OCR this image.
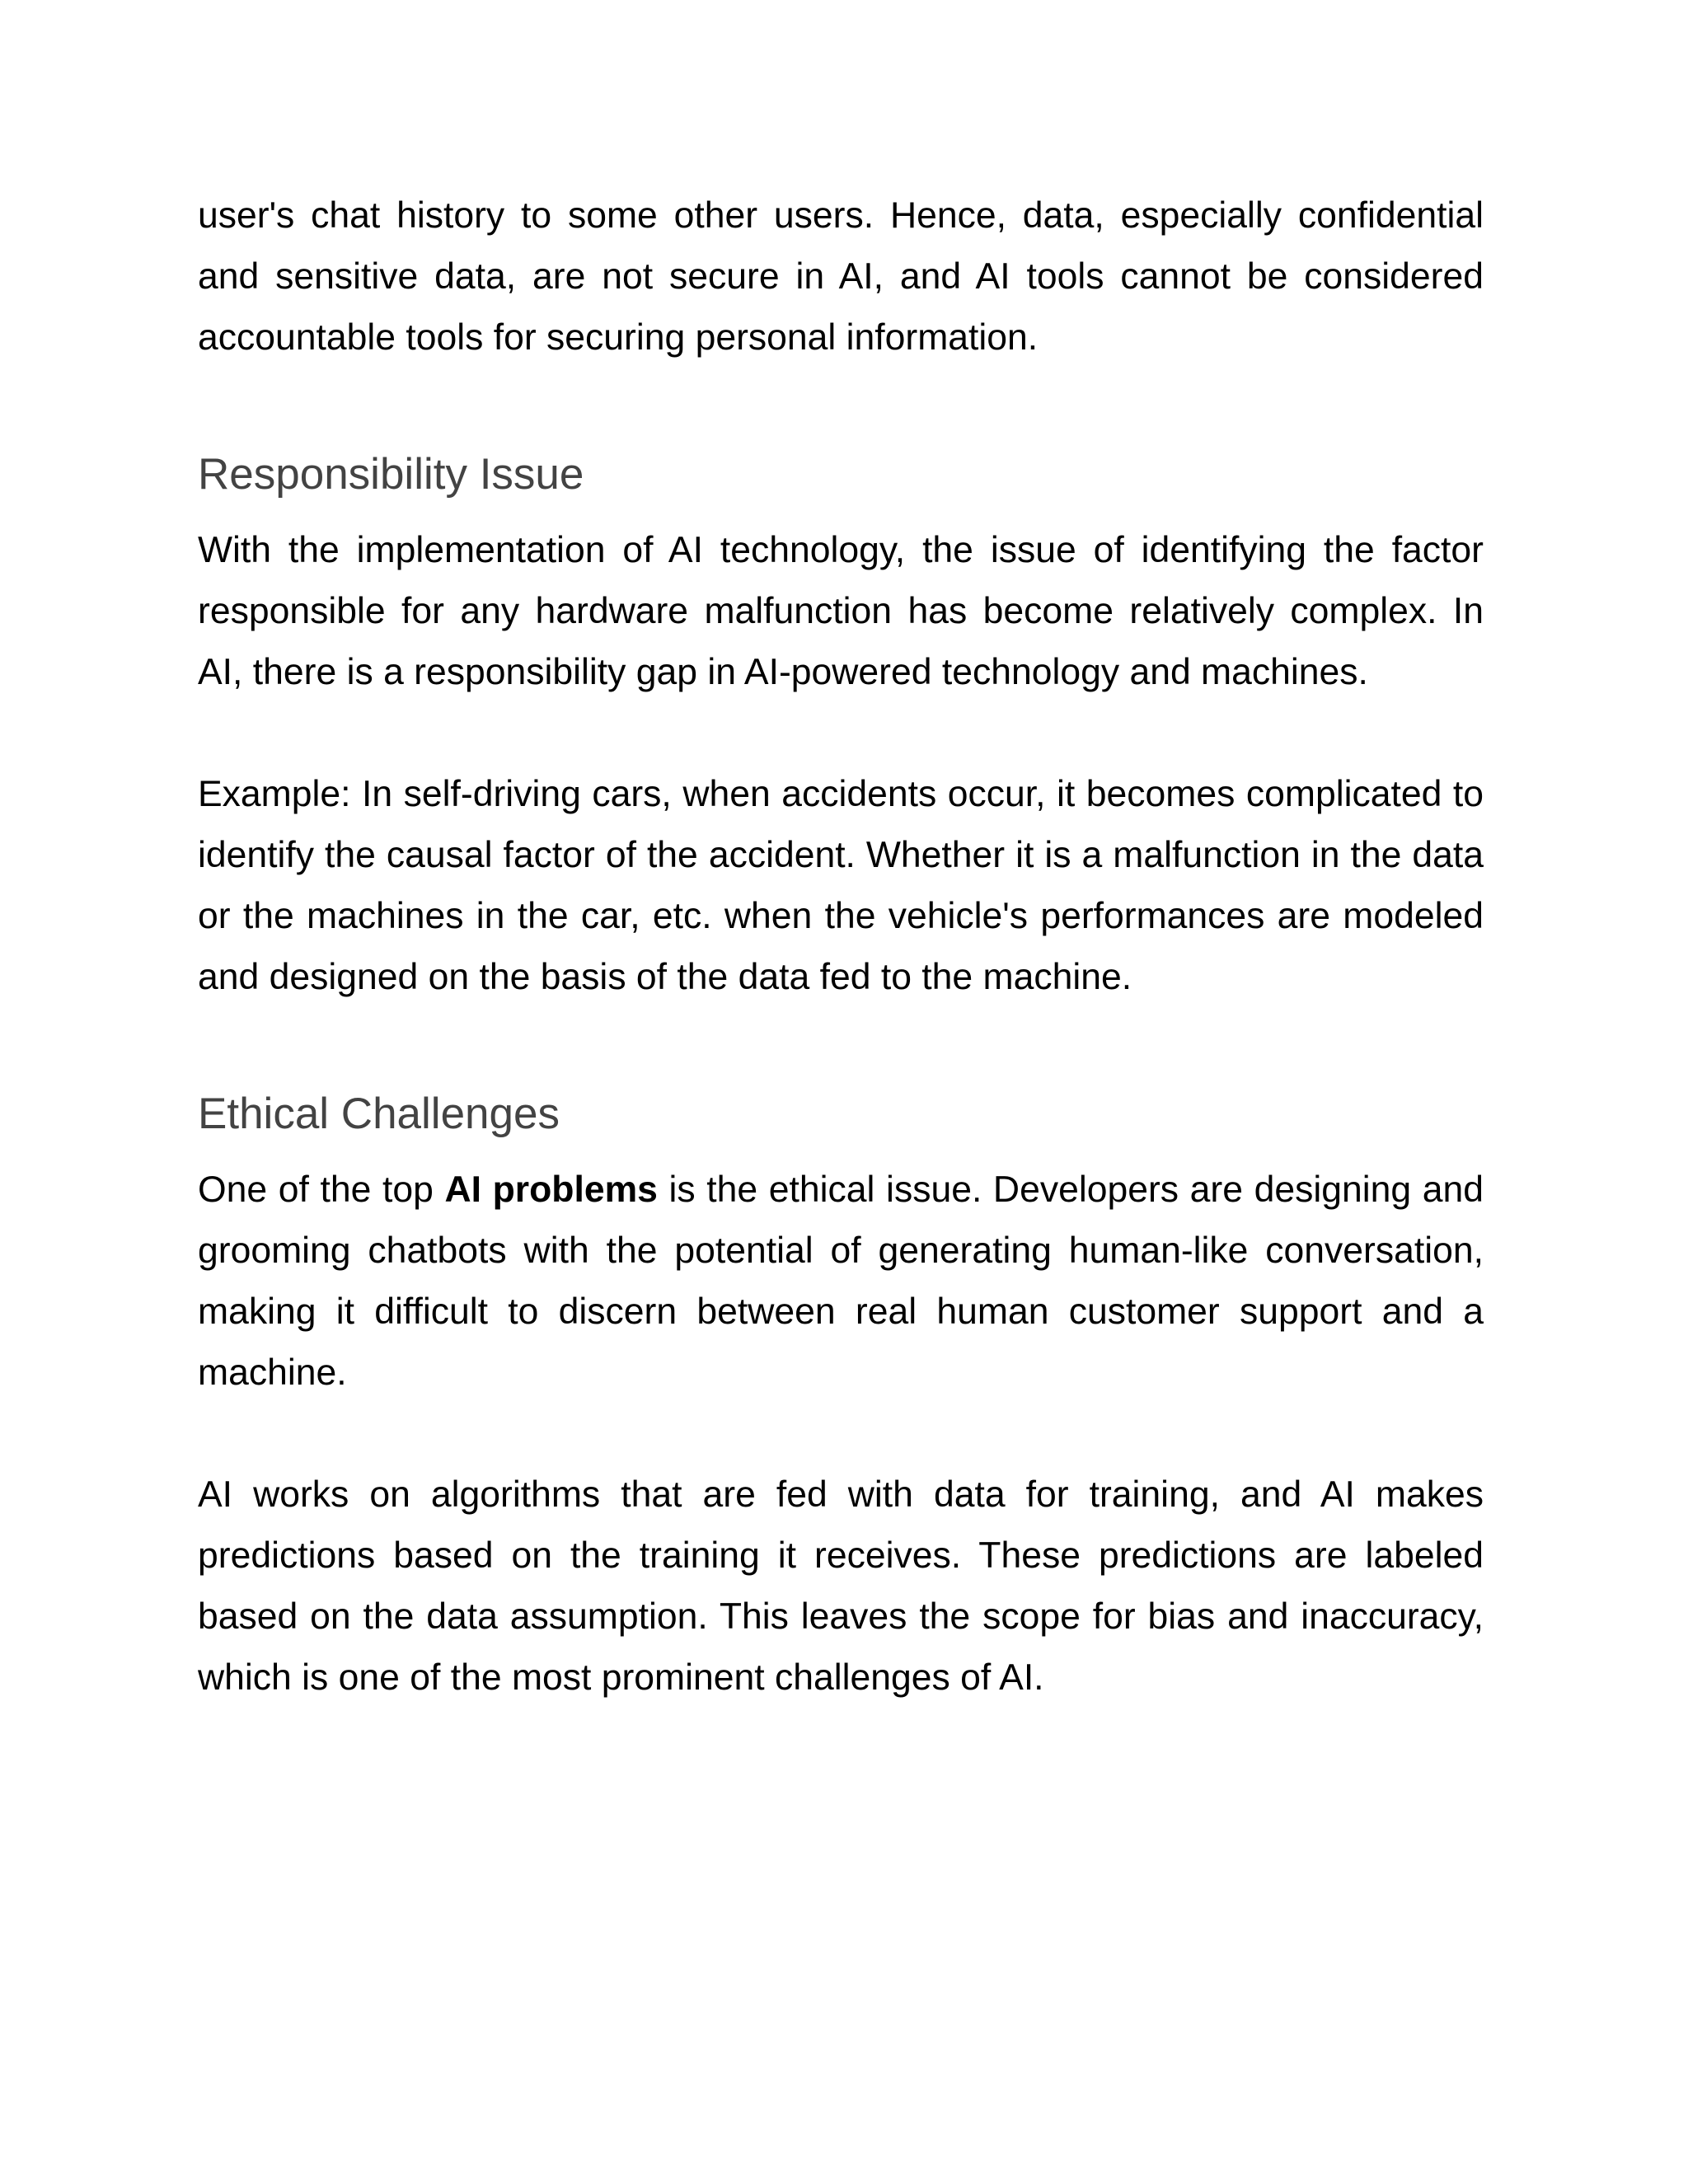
user's chat history to some other users. Hence, data, especially confidential and sensitive data, are not secure in AI, and AI tools cannot be considered accountable tools for securing personal information.

Responsibility Issue

With the implementation of AI technology, the issue of identifying the factor responsible for any hardware malfunction has become relatively complex. In AI, there is a responsibility gap in AI-powered technology and machines.

Example: In self-driving cars, when accidents occur, it becomes complicated to identify the causal factor of the accident. Whether it is a malfunction in the data or the machines in the car, etc. when the vehicle's performances are modeled and designed on the basis of the data fed to the machine.

Ethical Challenges

One of the top AI problems is the ethical issue. Developers are designing and grooming chatbots with the potential of generating human-like conversation, making it difficult to discern between real human customer support and a machine.

AI works on algorithms that are fed with data for training, and AI makes predictions based on the training it receives. These predictions are labeled based on the data assumption. This leaves the scope for bias and inaccuracy, which is one of the most prominent challenges of AI.
